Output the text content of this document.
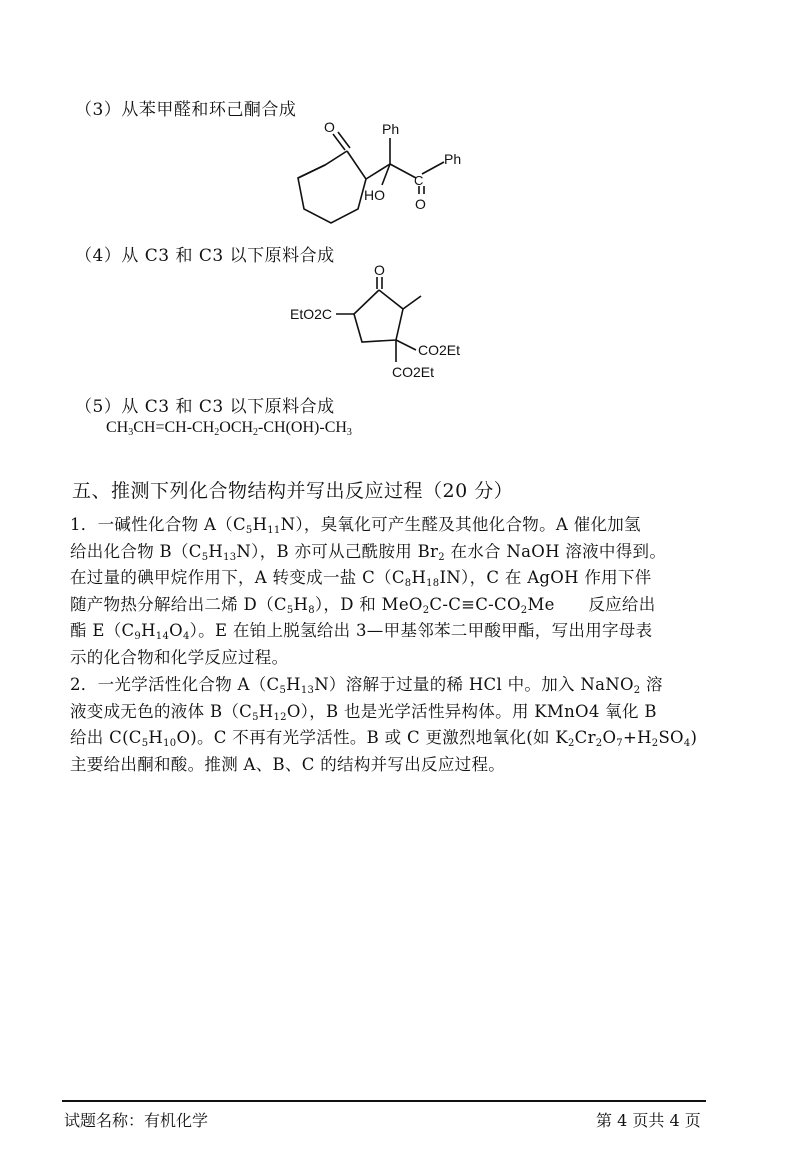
（3）从苯甲醛和环己酮合成
O	Ph
Ph
C
HO
O
（4）从 C3 和 C3 以下原料合成
O
EtO2C
CO2Et
CO2Et
（5）从 C3 和 C3 以下原料合成
$CH_3CH=CH-CH_2OCH_2-CH(OH)-CH_3$
五、推测下列化合物结构并写出反应过程（20 分）
1．一碱性化合物 $A(C_5H_{11}N)$，臭氧化可产生醛及其他化合物。A 催化加氢
给出化合物 $B(C_5H_{13}N)$，B 亦可从己酰胺用 $Br_2$ 在水合 NaOH 溶液中得到。
在过量的碘甲烷作用下，A 转变成一盐 $C(C_8H_{18}IN)$，C 在 AgOH 作用下伴
随产物热分解给出二烯 $D(C_5H_8)$，D 和 $MeO_2C-C\equiv C-CO_2Me$　　反应给出
酯 $E(C_9H_{14}O_4)$。E 在铂上脱氢给出 3—甲基邻苯二甲酸甲酯，写出用字母表
示的化合物和化学反应过程。
2．一光学活性化合物 $A(C_5H_{13}N)$溶解于过量的稀 HCl 中。加入 NaNO$_2$ 溶
液变成无色的液体 $B(C_5H_{12}O)$，B 也是光学活性异构体。用 KMnO4 氧化 B
给出 $C(C_5H_{10}O)$。C 不再有光学活性。B 或 C 更激烈地氧化(如 $K_2Cr_2O_7+H_2SO_4$)
主要给出酮和酸。推测 A、B、C 的结构并写出反应过程。
试题名称：有机化学	第 4 页共 4 页
